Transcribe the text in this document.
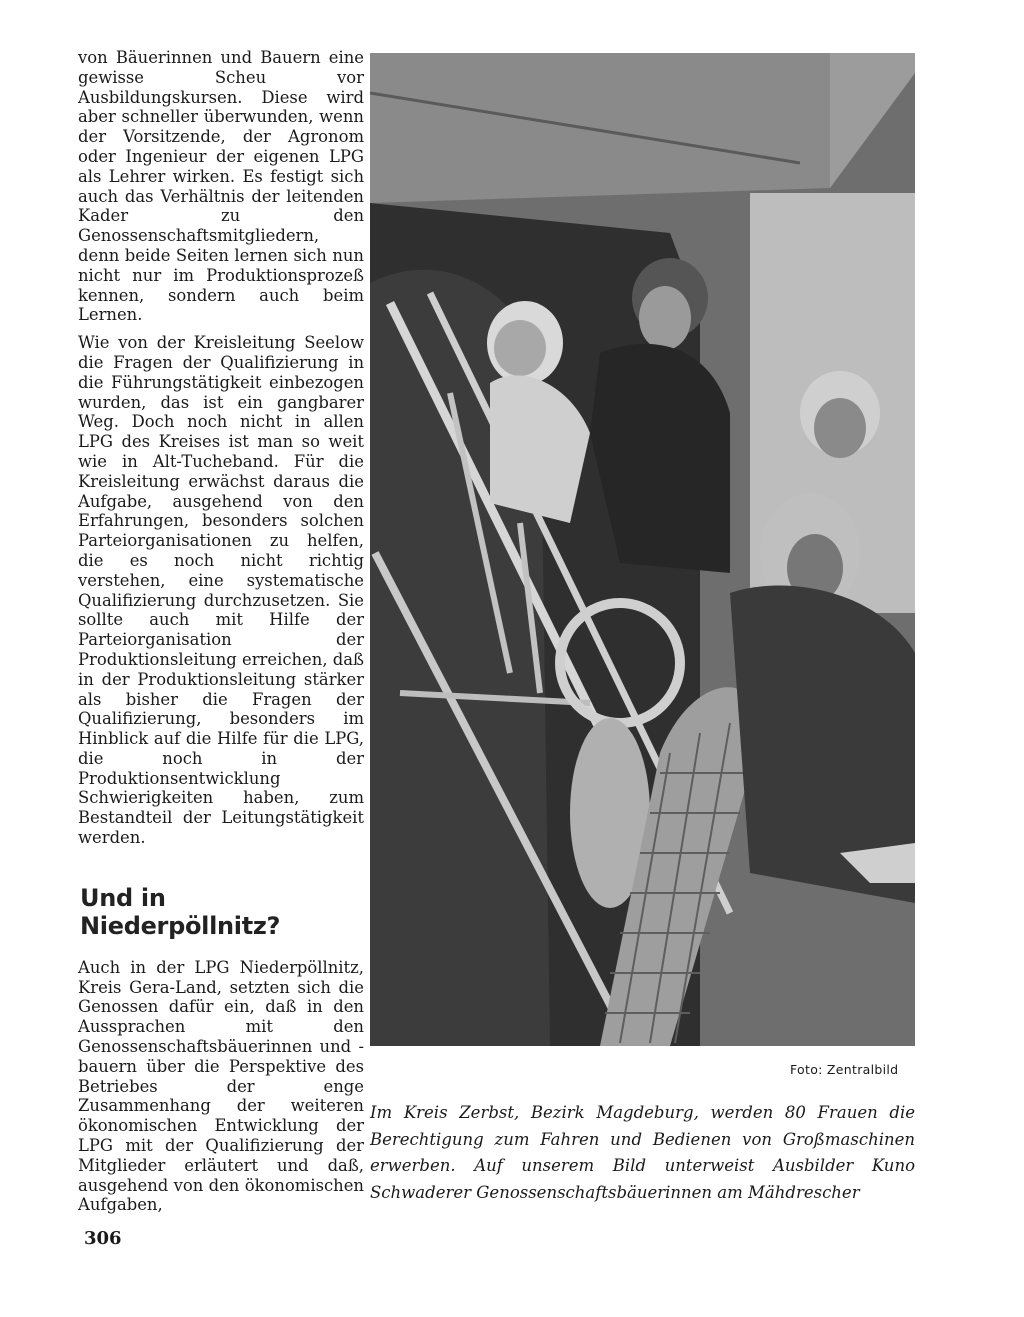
von Bäuerinnen und Bauern eine gewisse Scheu vor Ausbildungskursen. Diese wird aber schneller überwunden, wenn der Vorsitzende, der Agronom oder Ingenieur der eigenen LPG als Lehrer wirken. Es festigt sich auch das Verhältnis der leitenden Kader zu den Genossenschaftsmitgliedern, denn beide Seiten lernen sich nun nicht nur im Produktionsprozeß kennen, sondern auch beim Lernen.

Wie von der Kreisleitung Seelow die Fragen der Qualifizierung in die Führungstätigkeit einbezogen wurden, das ist ein gangbarer Weg. Doch noch nicht in allen LPG des Kreises ist man so weit wie in Alt-Tucheband. Für die Kreisleitung erwächst daraus die Aufgabe, ausgehend von den Erfahrungen, besonders solchen Parteiorganisationen zu helfen, die es noch nicht richtig verstehen, eine systematische Qualifizierung durchzusetzen. Sie sollte auch mit Hilfe der Parteiorganisation der Produktionsleitung erreichen, daß in der Produktionsleitung stärker als bisher die Fragen der Qualifizierung, besonders im Hinblick auf die Hilfe für die LPG, die noch in der Produktionsentwicklung Schwierigkeiten haben, zum Bestandteil der Leitungstätigkeit werden.

Und in Niederpöllnitz?

Auch in der LPG Niederpöllnitz, Kreis Gera-Land, setzten sich die Genossen dafür ein, daß in den Aussprachen mit den Genossenschaftsbäuerinnen und -bauern über die Perspektive des Betriebes der enge Zusammenhang der weiteren ökonomischen Entwicklung der LPG mit der Qualifizierung der Mitglieder erläutert und daß, ausgehend von den ökonomischen Aufgaben,

Foto: Zentralbild
Im Kreis Zerbst, Bezirk Magdeburg, werden 80 Frauen die Berechtigung zum Fahren und Bedienen von Großmaschinen erwerben. Auf unserem Bild unterweist Ausbilder Kuno Schwaderer Genossenschaftsbäuerinnen am Mähdrescher
306
